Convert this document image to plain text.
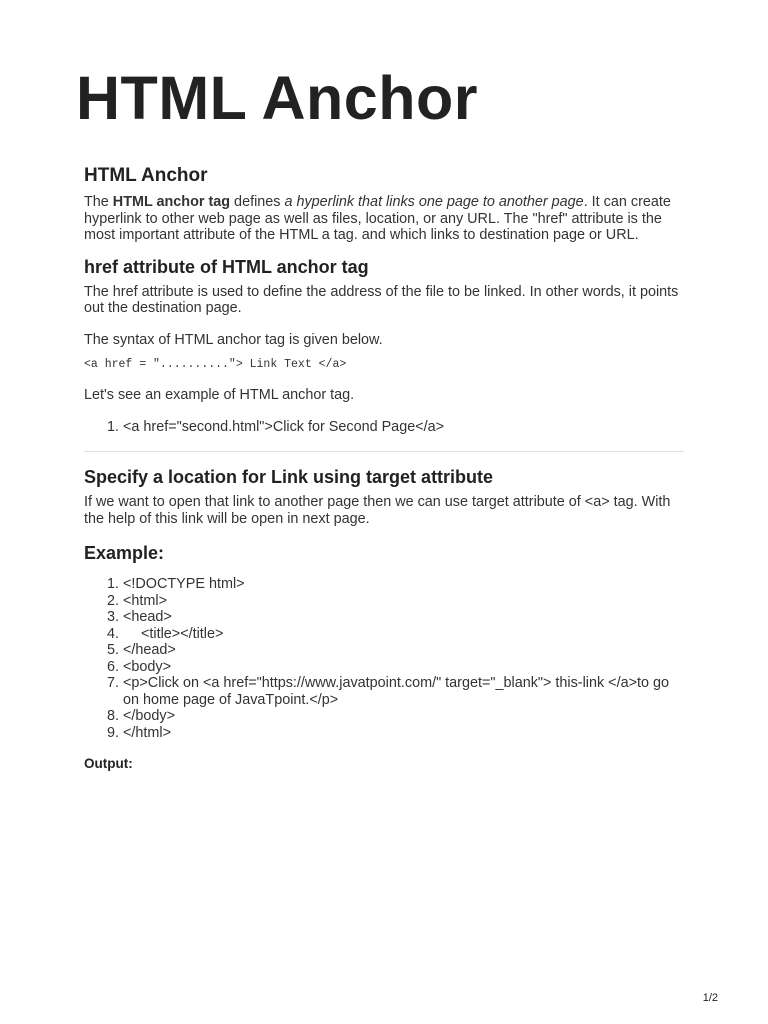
HTML Anchor
HTML Anchor

The HTML anchor tag defines a hyperlink that links one page to another page. It can create hyperlink to other web page as well as files, location, or any URL. The "href" attribute is the most important attribute of the HTML a tag. and which links to destination page or URL.

href attribute of HTML anchor tag

The href attribute is used to define the address of the file to be linked. In other words, it points out the destination page.

The syntax of HTML anchor tag is given below.

<a href = ".........."> Link Text </a>

Let's see an example of HTML anchor tag.

1. <a href="second.html">Click for Second Page</a>
Specify a location for Link using target attribute

If we want to open that link to another page then we can use target attribute of <a> tag. With the help of this link will be open in next page.

Example:
1. <!DOCTYPE html>
2. <html>
3. <head>
4. <title></title>
5. </head>
6. <body>
7. <p>Click on <a href="https://www.javatpoint.com/" target="_blank"> this-link </a>to go on home page of JavaTpoint.</p>
8. </body>
9. </html>
Output:
1/2
